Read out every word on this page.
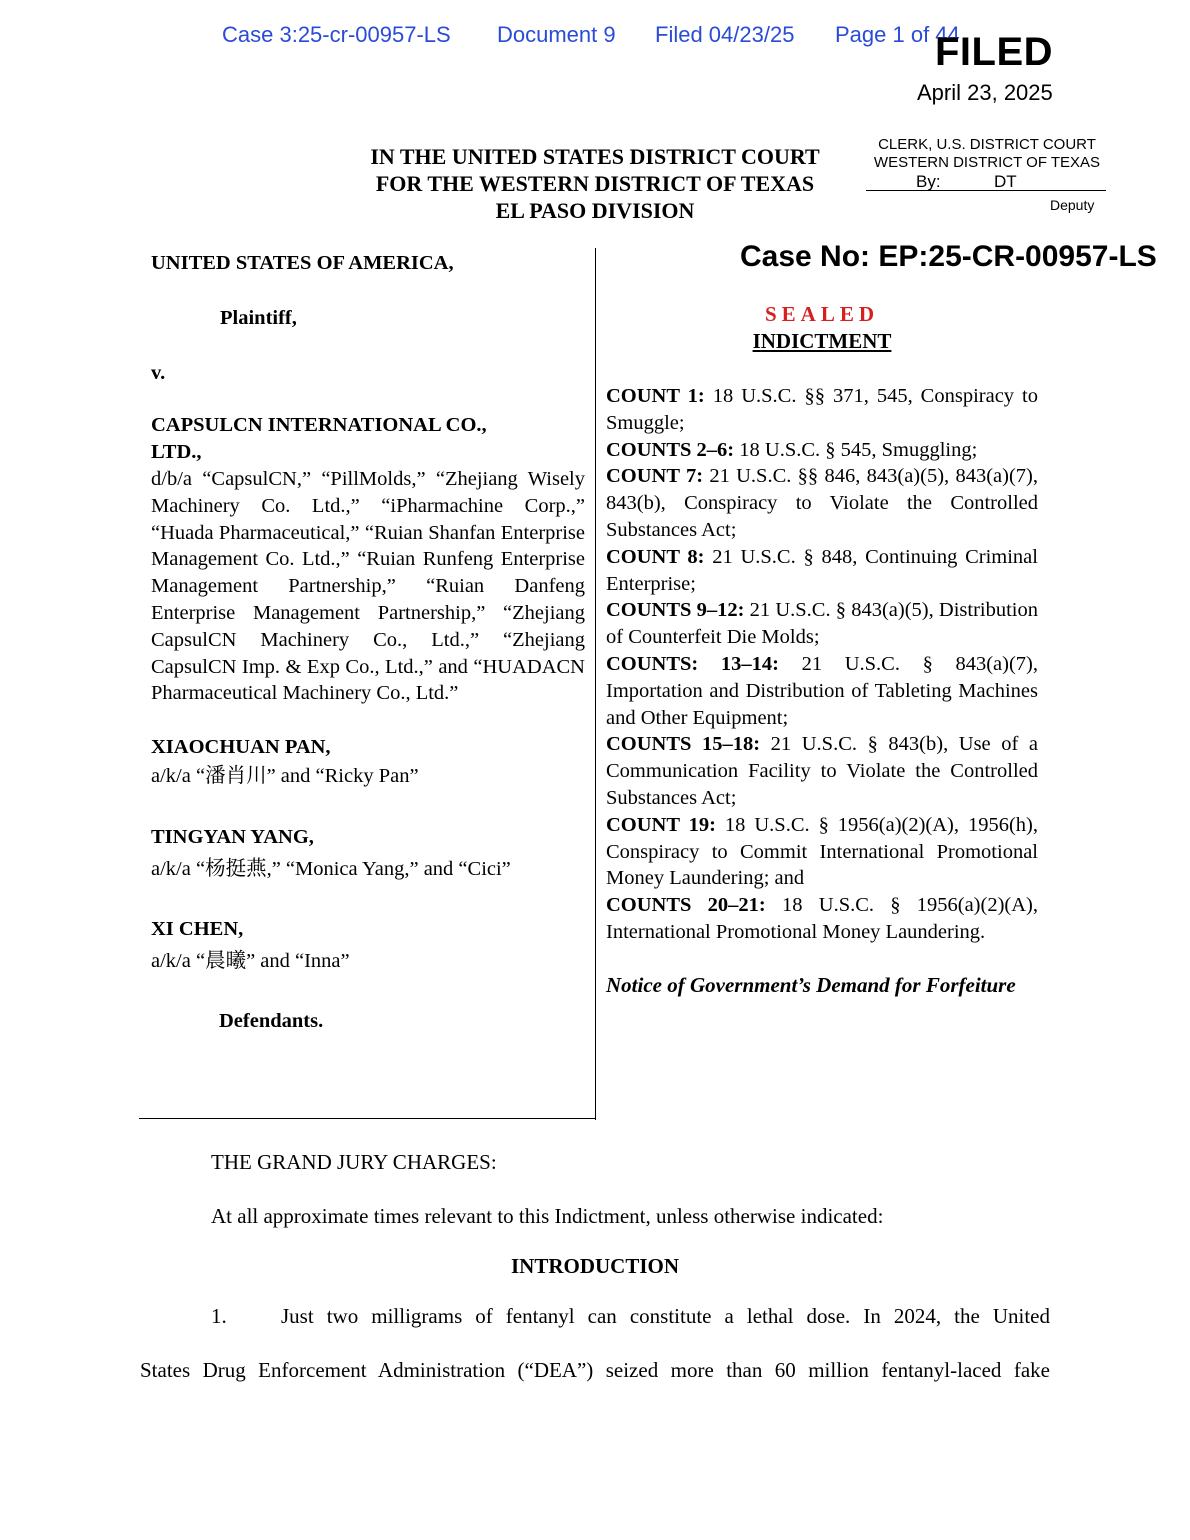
Case 3:25-cr-00957-LS Document 9 Filed 04/23/25 Page 1 of 44
FILED
April 23, 2025
CLERK, U.S. DISTRICT COURT
WESTERN DISTRICT OF TEXAS
By:	DT
Deputy
IN THE UNITED STATES DISTRICT COURT
FOR THE WESTERN DISTRICT OF TEXAS
EL PASO DIVISION
UNITED STATES OF AMERICA,
Plaintiff,
v.
CAPSULCN INTERNATIONAL CO., LTD.,
d/b/a “CapsulCN,” “PillMolds,” “Zhejiang Wisely Machinery Co. Ltd.,” “iPharmachine Corp.,” “Huada Pharmaceutical,” “Ruian Shanfan Enterprise Management Co. Ltd.,” “Ruian Runfeng Enterprise Management Partnership,” “Ruian Danfeng Enterprise Management Partnership,” “Zhejiang CapsulCN Machinery Co., Ltd.,” “Zhejiang CapsulCN Imp. & Exp Co., Ltd.,” and “HUADACN Pharmaceutical Machinery Co., Ltd.”
XIAOCHUAN PAN,
a/k/a “潘肖川” and “Ricky Pan”
TINGYAN YANG,
a/k/a “杨挺燕,” “Monica Yang,” and “Cici”
XI CHEN,
a/k/a “晨曦” and “Inna”
Defendants.
Case No: EP:25-CR-00957-LS
SEALED
INDICTMENT

COUNT 1: 18 U.S.C. §§ 371, 545, Conspiracy to Smuggle;

COUNTS 2–6: 18 U.S.C. § 545, Smuggling;

COUNT 7: 21 U.S.C. §§ 846, 843(a)(5), 843(a)(7), 843(b), Conspiracy to Violate the Controlled Substances Act;

COUNT 8: 21 U.S.C. § 848, Continuing Criminal Enterprise;

COUNTS 9–12: 21 U.S.C. § 843(a)(5), Distribution of Counterfeit Die Molds;

COUNTS: 13–14: 21 U.S.C. § 843(a)(7), Importation and Distribution of Tableting Machines and Other Equipment;

COUNTS 15–18: 21 U.S.C. § 843(b), Use of a Communication Facility to Violate the Controlled Substances Act;

COUNT 19: 18 U.S.C. § 1956(a)(2)(A), 1956(h), Conspiracy to Commit International Promotional Money Laundering; and

COUNTS 20–21: 18 U.S.C. § 1956(a)(2)(A), International Promotional Money Laundering.

Notice of Government’s Demand for Forfeiture
THE GRAND JURY CHARGES:
At all approximate times relevant to this Indictment, unless otherwise indicated:
INTRODUCTION
1.	Just two milligrams of fentanyl can constitute a lethal dose. In 2024, the United
States Drug Enforcement Administration (“DEA”) seized more than 60 million fentanyl-laced fake
